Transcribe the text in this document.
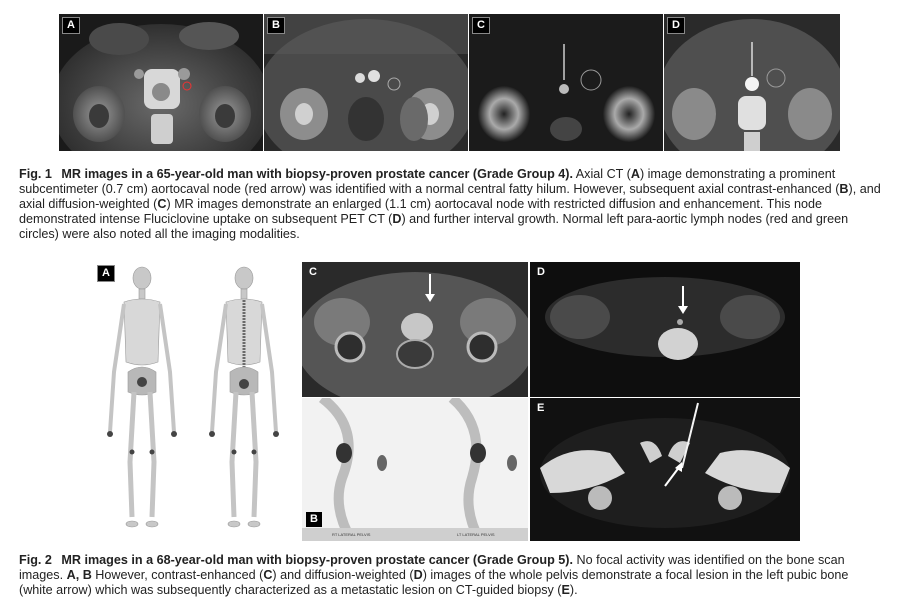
A	B	C	D
Fig. 1 MR images in a 65-year-old man with biopsy-proven prostate cancer (Grade Group 4). Axial CT (A) image demonstrating a prominent subcentimeter (0.7 cm) aortocaval node (red arrow) was identified with a normal central fatty hilum. However, subsequent axial contrast-enhanced (B), and axial diffusion-weighted (C) MR images demonstrate an enlarged (1.1 cm) aortocaval node with restricted diffusion and enhancement. This node demonstrated intense Fluciclovine uptake on subsequent PET CT (D) and further interval growth. Normal left para-aortic lymph nodes (red and green circles) were also noted all the imaging modalities.
A	C	D
B
RT LATERAL PELVIS	LT LATERAL PELVIS
E
Fig. 2 MR images in a 68-year-old man with biopsy-proven prostate cancer (Grade Group 5). No focal activity was identified on the bone scan images. A, B However, contrast-enhanced (C) and diffusion-weighted (D) images of the whole pelvis demonstrate a focal lesion in the left pubic bone (white arrow) which was subsequently characterized as a metastatic lesion on CT-guided biopsy (E).
